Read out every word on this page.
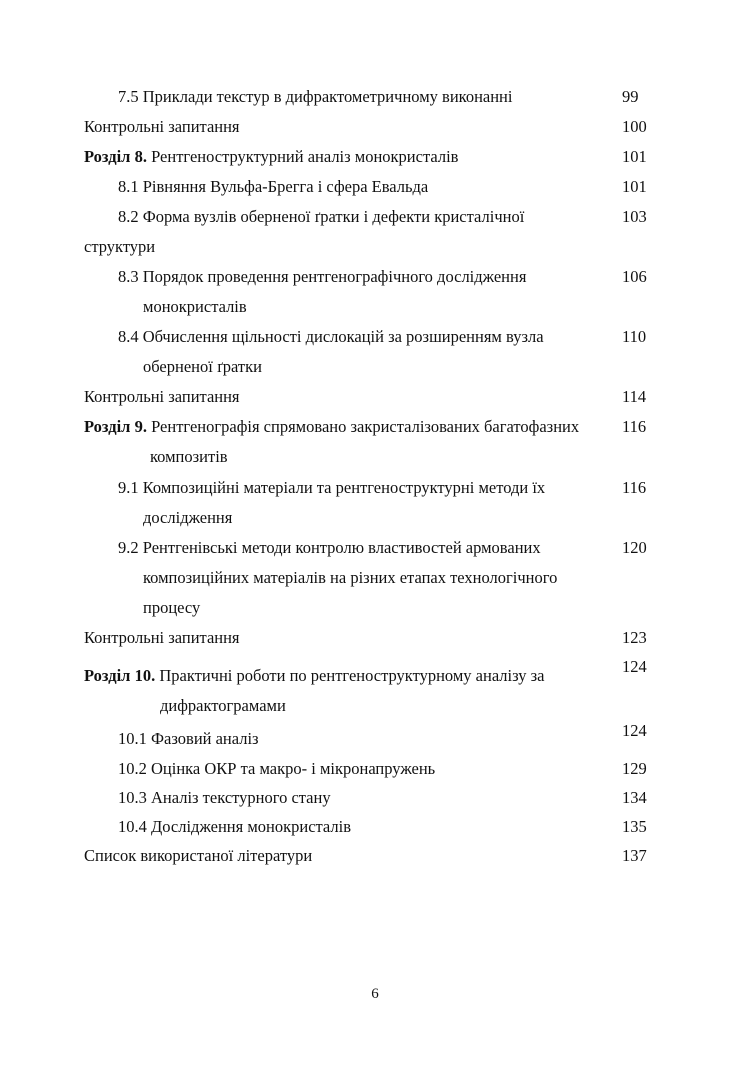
7.5 Приклади текстур в дифрактометричному виконанні	99
Контрольні запитання	100
Розділ 8. Рентгеноструктурний аналіз монокристалів	101
8.1 Рівняння Вульфа-Брегга і сфера Евальда	101
8.2 Форма вузлів оберненої ґратки і дефекти кристалічної	103
структури
8.3 Порядок проведення рентгенографічного дослідження	106
монокристалів
8.4 Обчислення щільності дислокацій за розширенням вузла	110
оберненої ґратки
Контрольні запитання	114
Розділ 9. Рентгенографія спрямовано закристалізованих багатофазних	116
композитів
9.1 Композиційні матеріали та рентгеноструктурні методи їх	116
дослідження
9.2 Рентгенівські методи контролю властивостей армованих	120
композиційних матеріалів на різних етапах технологічного
процесу
Контрольні запитання	123
Розділ 10. Практичні роботи по рентгеноструктурному аналізу за	124
дифрактограмами
10.1 Фазовий аналіз	124
10.2 Оцінка ОКР та макро- і мікронапружень	129
10.3 Аналіз текстурного стану	134
10.4 Дослідження монокристалів	135
Список використаної літератури	137
6
